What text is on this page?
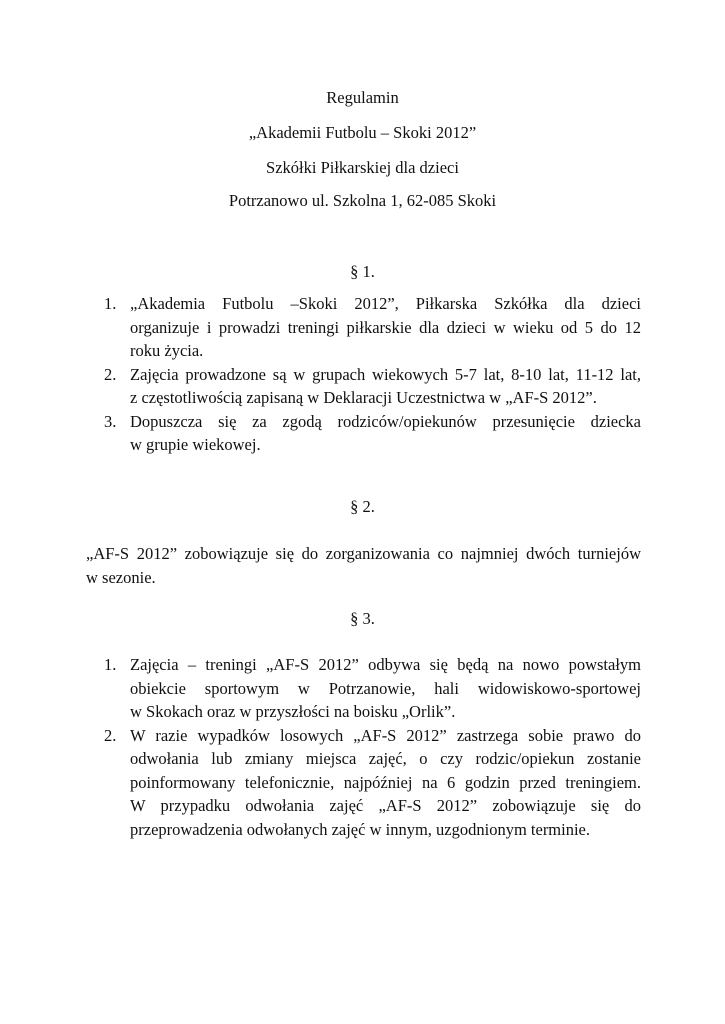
Regulamin
„Akademii Futbolu – Skoki 2012”
Szkółki Piłkarskiej dla dzieci
Potrzanowo ul. Szkolna 1, 62-085 Skoki
§ 1.
1. „Akademia Futbolu –Skoki 2012”, Piłkarska Szkółka dla dzieci
organizuje i prowadzi treningi piłkarskie dla dzieci w wieku od 5 do 12
roku życia.
2. Zajęcia prowadzone są w grupach wiekowych 5-7 lat, 8-10 lat, 11-12 lat,
z częstotliwością zapisaną w Deklaracji Uczestnictwa w „AF-S 2012”.
3. Dopuszcza się za zgodą rodziców/opiekunów przesunięcie dziecka
w grupie wiekowej.
§ 2.
„AF-S 2012” zobowiązuje się do zorganizowania co najmniej dwóch turniejów
w sezonie.
§ 3.
1. Zajęcia – treningi „AF-S 2012” odbywa się będą na nowo powstałym
obiekcie sportowym w Potrzanowie, hali widowiskowo-sportowej
w Skokach oraz w przyszłości na boisku „Orlik”.
2. W razie wypadków losowych „AF-S 2012” zastrzega sobie prawo do
odwołania lub zmiany miejsca zajęć, o czy rodzic/opiekun zostanie
poinformowany telefonicznie, najpóźniej na 6 godzin przed treningiem.
W przypadku odwołania zajęć „AF-S 2012” zobowiązuje się do
przeprowadzenia odwołanych zajęć w innym, uzgodnionym terminie.
